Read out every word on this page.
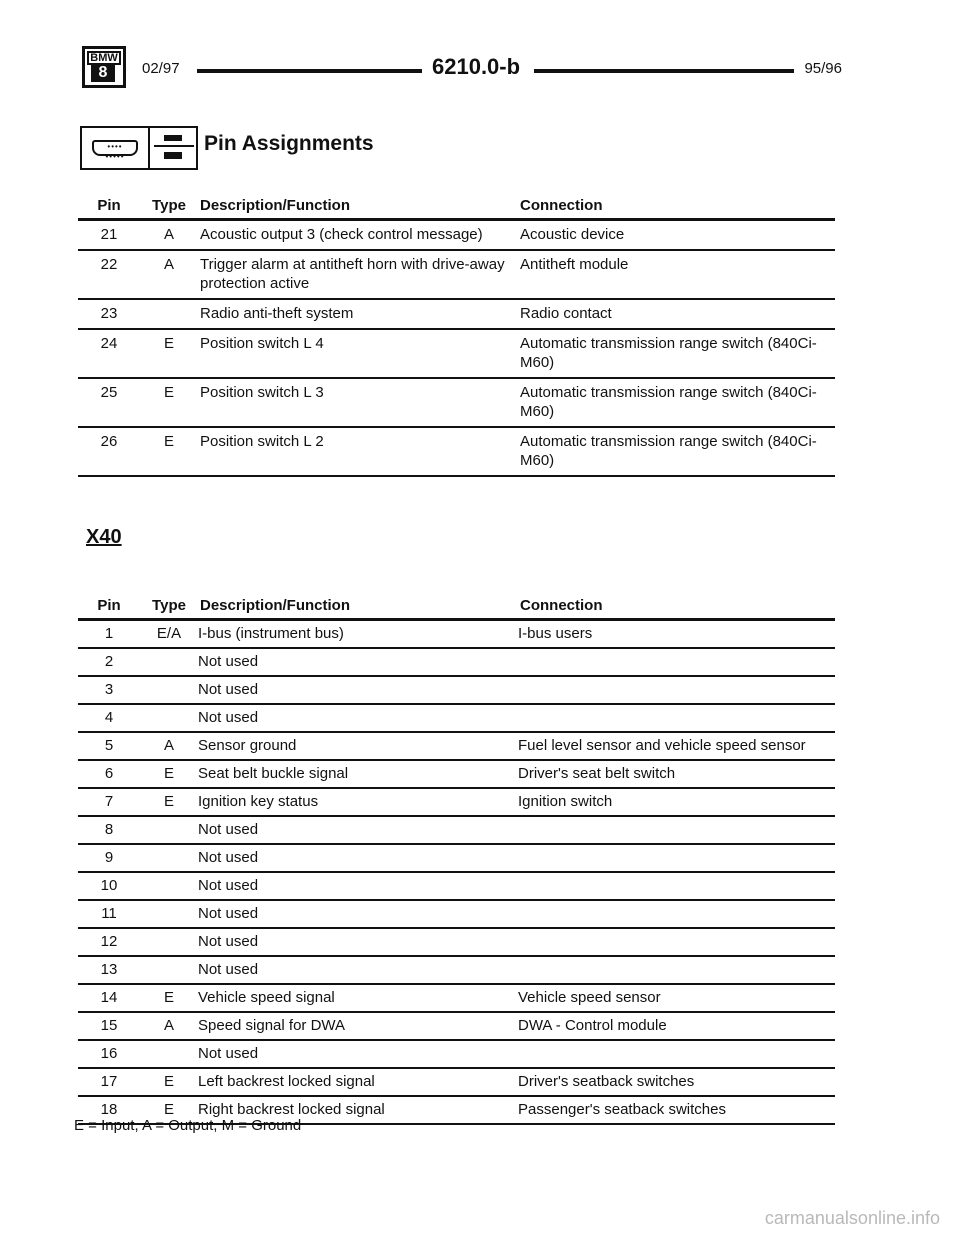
BMW
8	02/97	6210.0-b	95/96
••••
•••••
Pin Assignments
Pin	Type	Description/Function	Connection
21	A	Acoustic output 3 (check control message)	Acoustic device
22	A	Trigger alarm at antitheft horn with drive-away protection active	Antitheft module
23		Radio anti-theft system	Radio contact
24	E	Position switch L 4	Automatic transmission range switch (840Ci-M60)
25	E	Position switch L 3	Automatic transmission range switch (840Ci-M60)
26	E	Position switch L 2	Automatic transmission range switch (840Ci-M60)
X40
Pin	Type	Description/Function	Connection
1	E/A	I-bus (instrument bus)	I-bus users
2		Not used	
3		Not used	
4		Not used	
5	A	Sensor ground	Fuel level sensor and vehicle speed sensor
6	E	Seat belt buckle signal	Driver's seat belt switch
7	E	Ignition key status	Ignition switch
8		Not used	
9		Not used	
10		Not used	
11		Not used	
12		Not used	
13		Not used	
14	E	Vehicle speed signal	Vehicle speed sensor
15	A	Speed signal for DWA	DWA - Control module
16		Not used	
17	E	Left backrest locked signal	Driver's seatback switches
18	E	Right backrest locked signal	Passenger's seatback switches
E = Input, A = Output, M = Ground
carmanualsonline.info
